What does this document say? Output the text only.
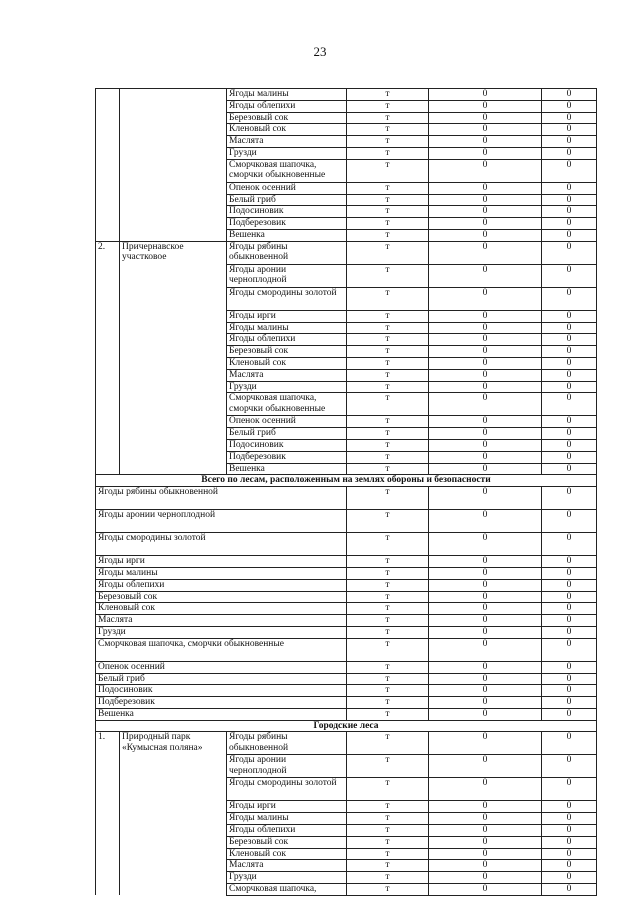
23
		Ягоды малины	т	0	0
		Ягоды облепихи	т	0	0
		Березовый сок	т	0	0
		Кленовый сок	т	0	0
		Маслята	т	0	0
		Грузди	т	0	0
		Сморчковая шапочка, сморчки обыкновенные	т	0	0
		Опенок осенний	т	0	0
		Белый гриб	т	0	0
		Подосиновик	т	0	0
		Подберезовик	т	0	0
		Вешенка	т	0	0
2.	Причернавское участковое	Ягоды рябины обыкновенной	т	0	0
		Ягоды аронии черноплодной	т	0	0
		Ягоды смородины золотой	т	0	0
		Ягоды ирги	т	0	0
		Ягоды малины	т	0	0
		Ягоды облепихи	т	0	0
		Березовый сок	т	0	0
		Кленовый сок	т	0	0
		Маслята	т	0	0
		Грузди	т	0	0
		Сморчковая шапочка, сморчки обыкновенные	т	0	0
		Опенок осенний	т	0	0
		Белый гриб	т	0	0
		Подосиновик	т	0	0
		Подберезовик	т	0	0
		Вешенка	т	0	0
Всего по лесам, расположенным на землях обороны и безопасности					
Ягоды рябины обыкновенной			т	0	0
Ягоды аронии черноплодной			т	0	0
Ягоды смородины золотой			т	0	0
Ягоды ирги			т	0	0
Ягоды малины			т	0	0
Ягоды облепихи			т	0	0
Березовый сок			т	0	0
Кленовый сок			т	0	0
Маслята			т	0	0
Грузди			т	0	0
Сморчковая шапочка, сморчки обыкновенные			т	0	0
Опенок осенний			т	0	0
Белый гриб			т	0	0
Подосиновик			т	0	0
Подберезовик			т	0	0
Вешенка			т	0	0
Городские леса					
1.	Природный парк «Кумысная поляна»	Ягоды рябины обыкновенной	т	0	0
		Ягоды аронии черноплодной	т	0	0
		Ягоды смородины золотой	т	0	0
		Ягоды ирги	т	0	0
		Ягоды малины	т	0	0
		Ягоды облепихи	т	0	0
		Березовый сок	т	0	0
		Кленовый сок	т	0	0
		Маслята	т	0	0
		Грузди	т	0	0
		Сморчковая шапочка,	т	0	0
